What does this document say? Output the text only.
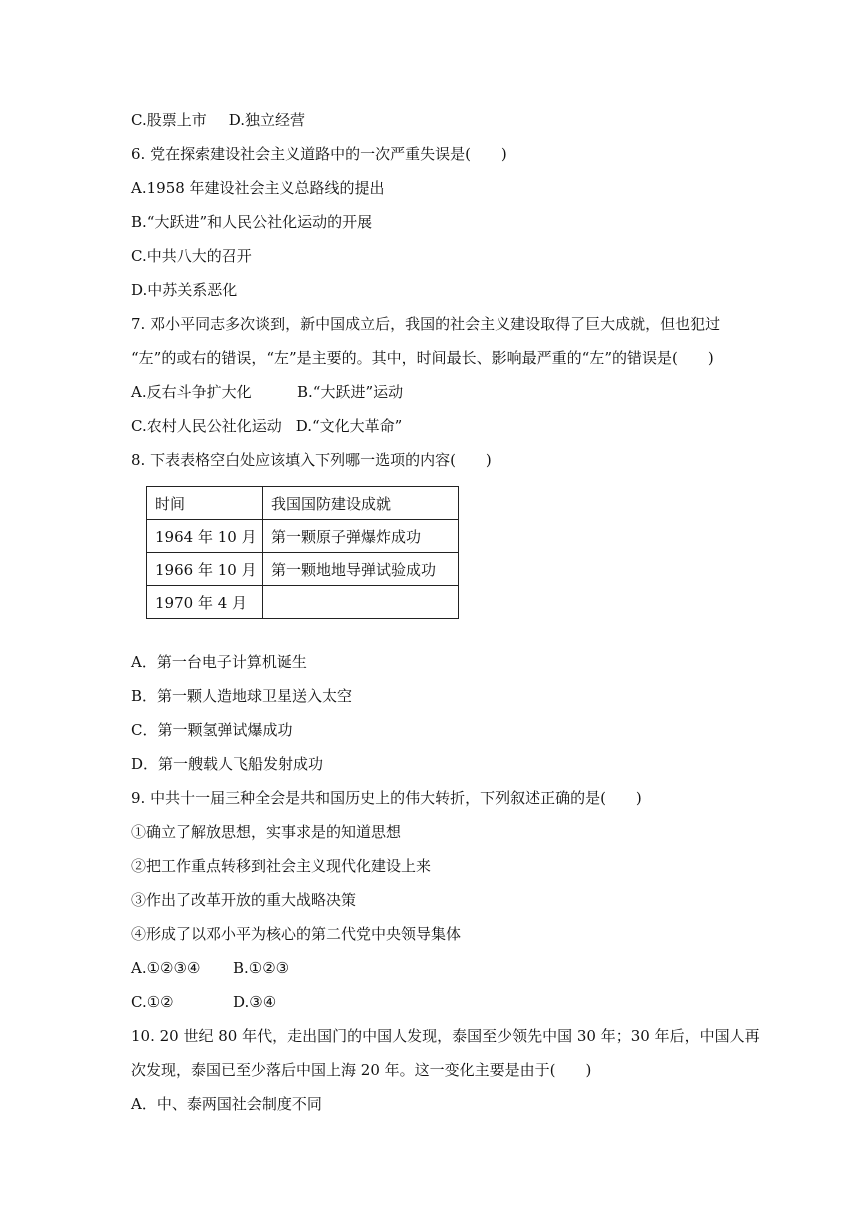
C.股票上市 D.独立经营
6. 党在探索建设社会主义道路中的一次严重失误是(　　)
A.1958 年建设社会主义总路线的提出
B.“大跃进”和人民公社化运动的开展
C.中共八大的召开
D.中苏关系恶化
7. 邓小平同志多次谈到，新中国成立后，我国的社会主义建设取得了巨大成就，但也犯过
“左”的或右的错误，“左”是主要的。其中，时间最长、影响最严重的“左”的错误是(　　)
A.反右斗争扩大化	B.“大跃进”运动
C.农村人民公社化运动 D.“文化大革命”
8. 下表表格空白处应该填入下列哪一选项的内容(　　)
时间	我国国防建设成就
1964 年 10 月	第一颗原子弹爆炸成功
1966 年 10 月	第一颗地地导弹试验成功
1970 年 4 月	
A．第一台电子计算机诞生
B．第一颗人造地球卫星送入太空
C．第一颗氢弹试爆成功
D．第一艘载人飞船发射成功
9. 中共十一届三种全会是共和国历史上的伟大转折，下列叙述正确的是(　　)
①确立了解放思想，实事求是的知道思想
②把工作重点转移到社会主义现代化建设上来
③作出了改革开放的重大战略决策
④形成了以邓小平为核心的第二代党中央领导集体
A.①②③④ B.①②③
C.①②	D.③④
10. 20 世纪 80 年代，走出国门的中国人发现，泰国至少领先中国 30 年；30 年后，中国人再
次发现，泰国已至少落后中国上海 20 年。这一变化主要是由于(　　)
A．中、泰两国社会制度不同
